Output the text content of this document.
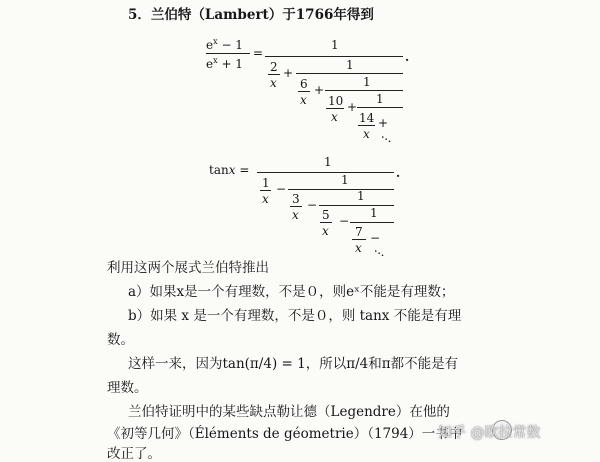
5．兰伯特（Lambert）于1766年得到
$e^x - 1$
$e^x + 1$
=
1
.
2
x
+
1
6
x
+
1
10
x
+
1
14
x
+
…
tanx =
1
.
1
x
−
1
3
x
−
1
5
x
−
1
7
x
−
…
利用这两个展式兰伯特推出
a）如果x是一个有理数，不是０，则eˣ不能是有理数；
b）如果 x 是一个有理数，不是０，则 tanx 不能是有理
数。
这样一来，因为tan(π/4) = 1，所以π/4和π都不能是有
理数。
兰伯特证明中的某些缺点勒让德（Legendre）在他的
《初等几何》（Éléments de géometrie）（1794）一书中
改正了。
知乎 @欧拉常数
